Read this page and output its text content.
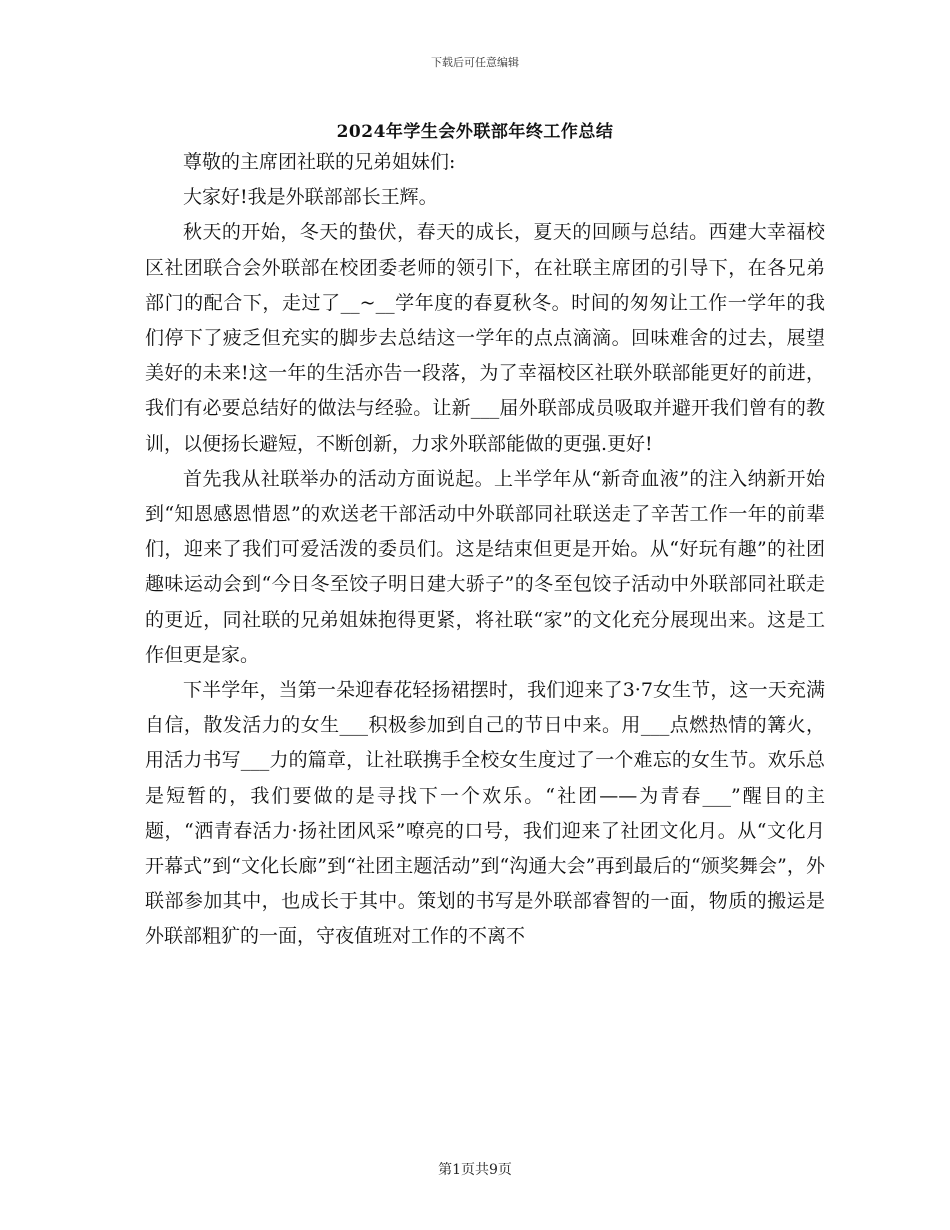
下载后可任意编辑
2024年学生会外联部年终工作总结

尊敬的主席团社联的兄弟姐妹们:

大家好!我是外联部部长王辉。

秋天的开始，冬天的蛰伏，春天的成长，夏天的回顾与总结。西建大幸福校区社团联合会外联部在校团委老师的领引下，在社联主席团的引导下，在各兄弟部门的配合下，走过了__~__学年度的春夏秋冬。时间的匆匆让工作一学年的我们停下了疲乏但充实的脚步去总结这一学年的点点滴滴。回味难舍的过去，展望美好的未来!这一年的生活亦告一段落，为了幸福校区社联外联部能更好的前进，我们有必要总结好的做法与经验。让新___届外联部成员吸取并避开我们曾有的教训，以便扬长避短，不断创新，力求外联部能做的更强.更好!

首先我从社联举办的活动方面说起。上半学年从“新奇血液”的注入纳新开始到“知恩感恩惜恩”的欢送老干部活动中外联部同社联送走了辛苦工作一年的前辈们，迎来了我们可爱活泼的委员们。这是结束但更是开始。从“好玩有趣”的社团趣味运动会到“今日冬至饺子明日建大骄子”的冬至包饺子活动中外联部同社联走的更近，同社联的兄弟姐妹抱得更紧，将社联“家”的文化充分展现出来。这是工作但更是家。

下半学年，当第一朵迎春花轻扬裙摆时，我们迎来了3·7女生节，这一天充满自信，散发活力的女生___积极参加到自己的节日中来。用___点燃热情的篝火，用活力书写___力的篇章，让社联携手全校女生度过了一个难忘的女生节。欢乐总是短暂的，我们要做的是寻找下一个欢乐。“社团——为青春___”醒目的主题，“洒青春活力·扬社团风采”嘹亮的口号，我们迎来了社团文化月。从“文化月开幕式”到“文化长廊”到“社团主题活动”到“沟通大会”再到最后的“颁奖舞会”，外联部参加其中，也成长于其中。策划的书写是外联部睿智的一面，物质的搬运是外联部粗犷的一面，守夜值班对工作的不离不

第1页共9页
